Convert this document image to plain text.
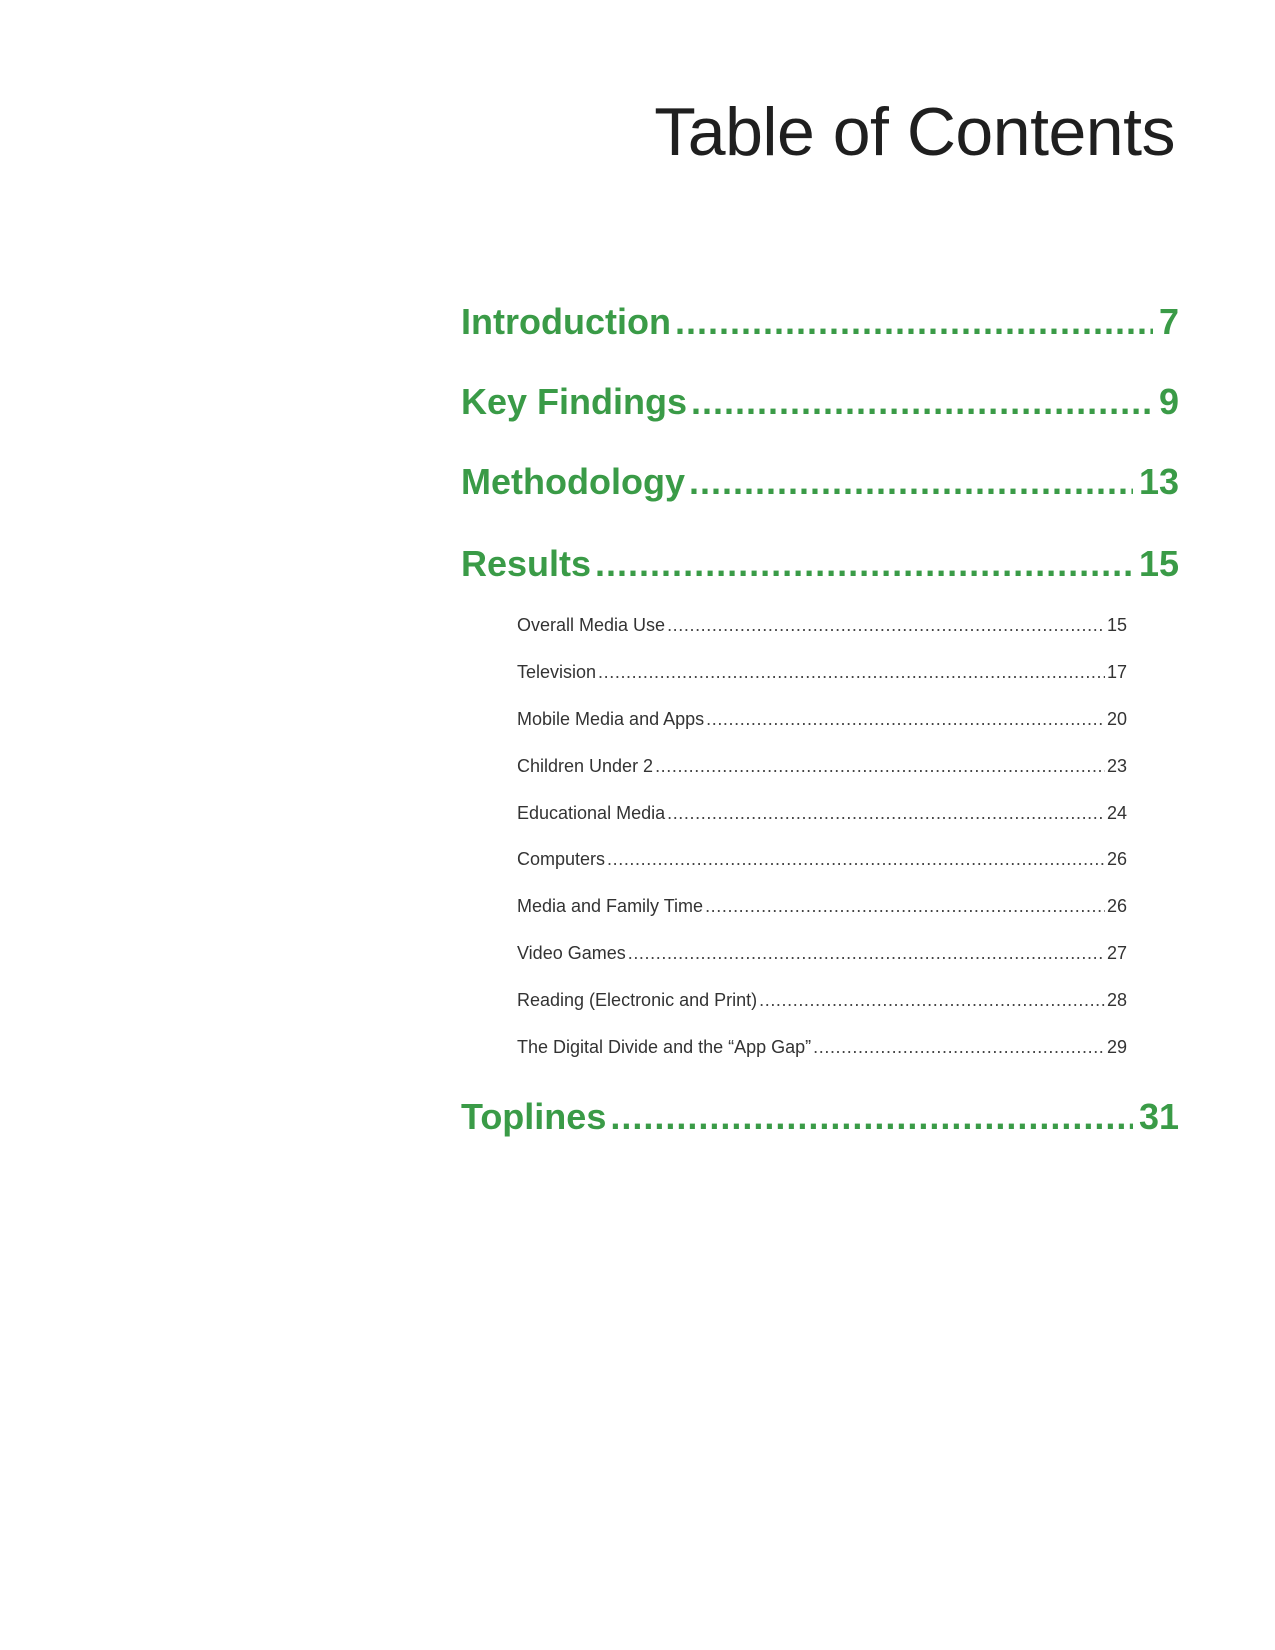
Table of Contents
Introduction .....	7
Key Findings .....	9
Methodology .....	13
Results .....	15
Overall Media Use .....	15
Television .....	17
Mobile Media and Apps .....	20
Children Under 2 .....	23
Educational Media .....	24
Computers .....	26
Media and Family Time .....	26
Video Games .....	27
Reading (Electronic and Print) .....	28
The Digital Divide and the “App Gap” .....	29
Toplines .....	31
